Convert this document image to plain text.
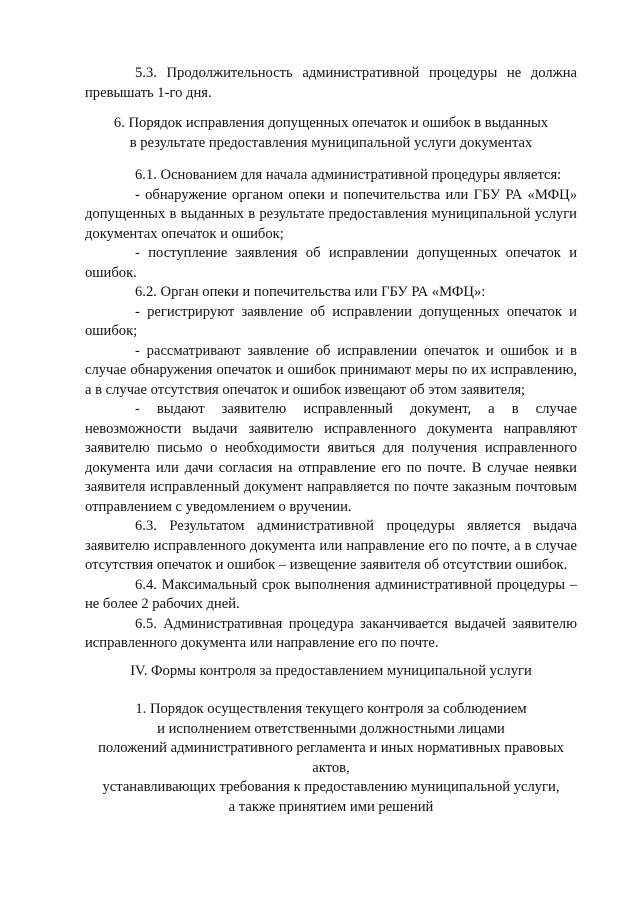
5.3. Продолжительность административной процедуры не должна превышать 1-го дня.

6. Порядок исправления допущенных опечаток и ошибок в выданных

в результате предоставления муниципальной услуги документах

6.1. Основанием для начала административной процедуры является:

- обнаружение органом опеки и попечительства или ГБУ РА «МФЦ» допущенных в выданных в результате предоставления муниципальной услуги документах опечаток и ошибок;

- поступление заявления об исправлении допущенных опечаток и ошибок.

6.2. Орган опеки и попечительства или ГБУ РА «МФЦ»:

- регистрируют заявление об исправлении допущенных опечаток и ошибок;

- рассматривают заявление об исправлении опечаток и ошибок и в случае обнаружения опечаток и ошибок принимают меры по их исправлению, а в случае отсутствия опечаток и ошибок извещают об этом заявителя;

- выдают заявителю исправленный документ, а в случае невозможности выдачи заявителю исправленного документа направляют заявителю письмо о необходимости явиться для получения исправленного документа или дачи согласия на отправление его по почте. В случае неявки заявителя исправленный документ направляется по почте заказным почтовым отправлением с уведомлением о вручении.

6.3. Результатом административной процедуры является выдача заявителю исправленного документа или направление его по почте, а в случае отсутствия опечаток и ошибок – извещение заявителя об отсутствии ошибок.

6.4. Максимальный срок выполнения административной процедуры – не более 2 рабочих дней.

6.5. Административная процедура заканчивается выдачей заявителю исправленного документа или направление его по почте.

IV. Формы контроля за предоставлением муниципальной услуги

1. Порядок осуществления текущего контроля за соблюдением

и исполнением ответственными должностными лицами

положений административного регламента и иных нормативных правовых

актов,

устанавливающих требования к предоставлению муниципальной услуги,

а также принятием ими решений
